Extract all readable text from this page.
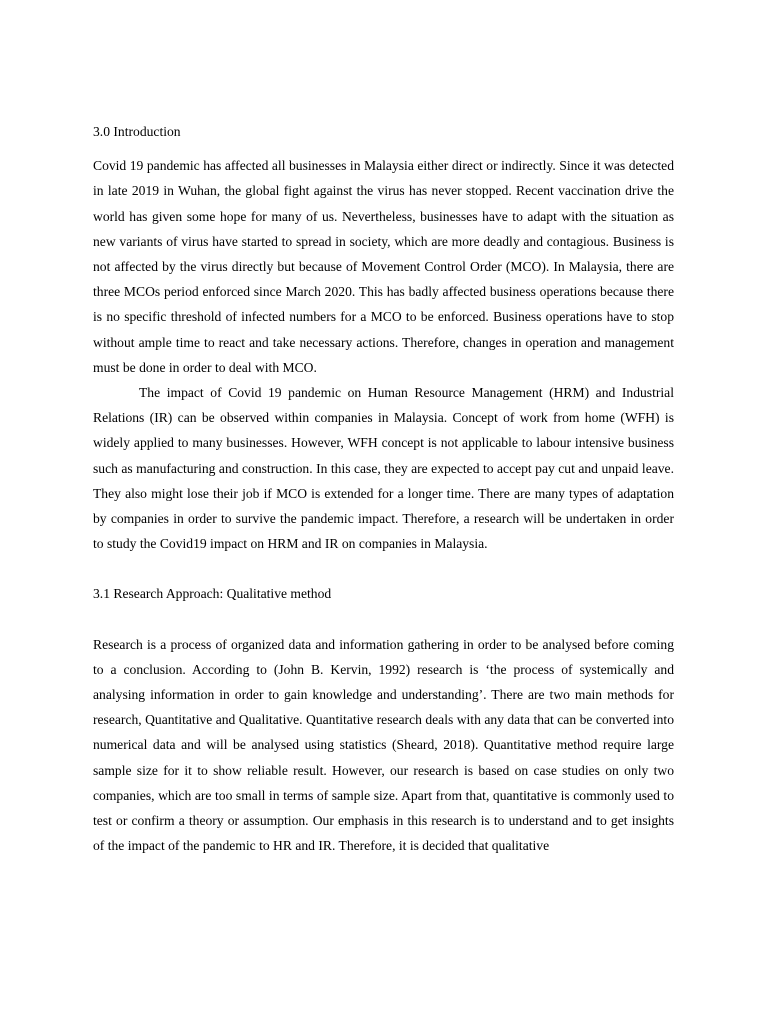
3.0 Introduction

Covid 19 pandemic has affected all businesses in Malaysia either direct or indirectly. Since it was detected in late 2019 in Wuhan, the global fight against the virus has never stopped. Recent vaccination drive the world has given some hope for many of us. Nevertheless, businesses have to adapt with the situation as new variants of virus have started to spread in society, which are more deadly and contagious. Business is not affected by the virus directly but because of Movement Control Order (MCO). In Malaysia, there are three MCOs period enforced since March 2020. This has badly affected business operations because there is no specific threshold of infected numbers for a MCO to be enforced. Business operations have to stop without ample time to react and take necessary actions. Therefore, changes in operation and management must be done in order to deal with MCO.

The impact of Covid 19 pandemic on Human Resource Management (HRM) and Industrial Relations (IR) can be observed within companies in Malaysia. Concept of work from home (WFH) is widely applied to many businesses. However, WFH concept is not applicable to labour intensive business such as manufacturing and construction. In this case, they are expected to accept pay cut and unpaid leave. They also might lose their job if MCO is extended for a longer time. There are many types of adaptation by companies in order to survive the pandemic impact. Therefore, a research will be undertaken in order to study the Covid19 impact on HRM and IR on companies in Malaysia.

3.1 Research Approach: Qualitative method

Research is a process of organized data and information gathering in order to be analysed before coming to a conclusion. According to (John B. Kervin, 1992) research is ‘the process of systemically and analysing information in order to gain knowledge and understanding’. There are two main methods for research, Quantitative and Qualitative. Quantitative research deals with any data that can be converted into numerical data and will be analysed using statistics (Sheard, 2018). Quantitative method require large sample size for it to show reliable result. However, our research is based on case studies on only two companies, which are too small in terms of sample size. Apart from that, quantitative is commonly used to test or confirm a theory or assumption. Our emphasis in this research is to understand and to get insights of the impact of the pandemic to HR and IR. Therefore, it is decided that qualitative
